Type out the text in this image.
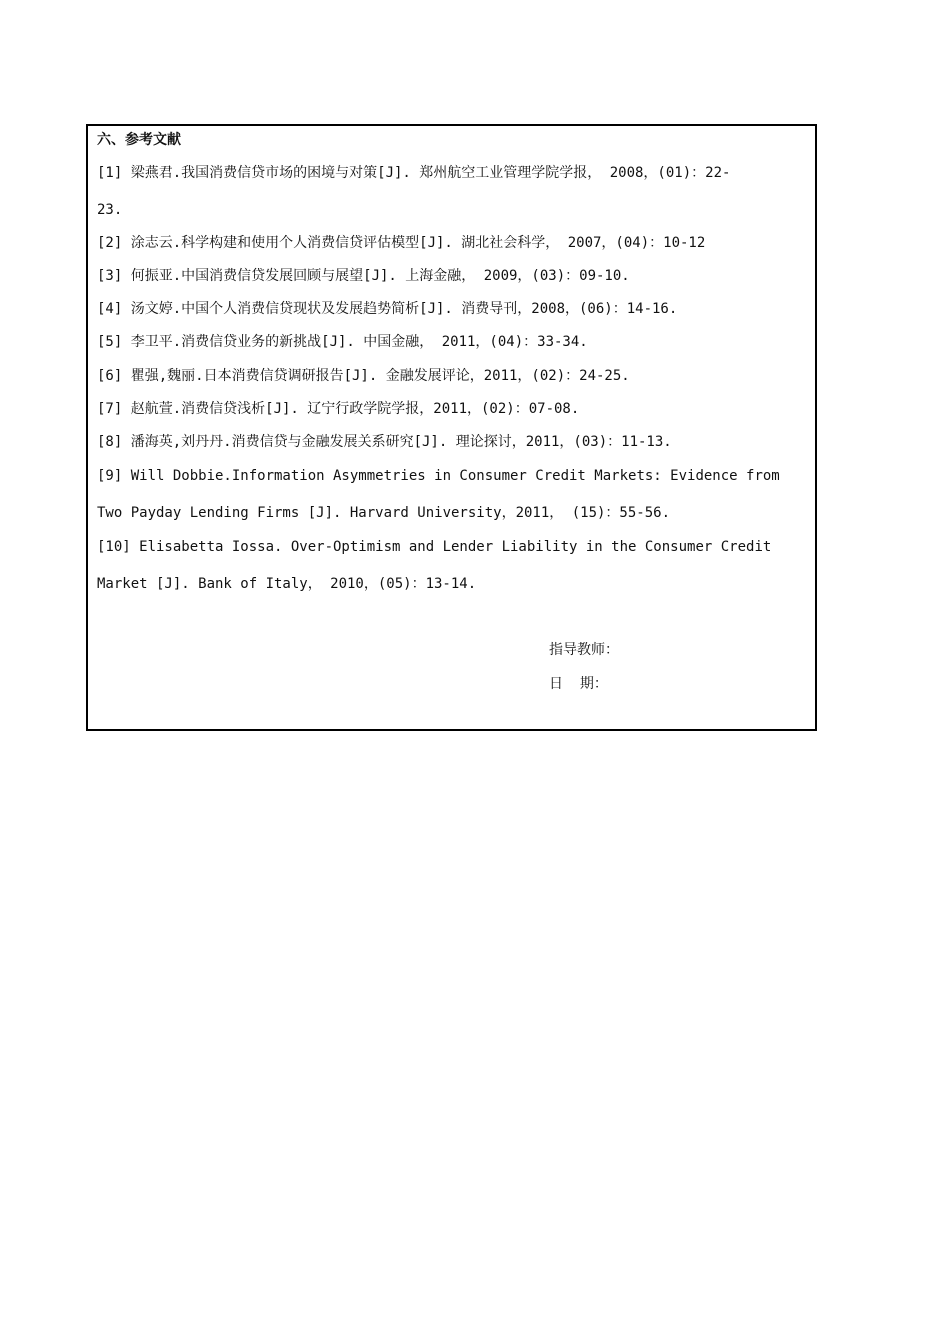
六、参考文献
[1] 梁燕君.我国消费信贷市场的困境与对策[J]. 郑州航空工业管理学院学报， 2008，(01)：22-
23.
[2] 涂志云.科学构建和使用个人消费信贷评估模型[J]. 湖北社会科学， 2007，(04)：10-12
[3] 何振亚.中国消费信贷发展回顾与展望[J]. 上海金融， 2009，(03)：09-10.
[4] 汤文婷.中国个人消费信贷现状及发展趋势简析[J]. 消费导刊，2008，(06)：14-16.
[5] 李卫平.消费信贷业务的新挑战[J]. 中国金融， 2011，(04)：33-34.
[6] 瞿强,魏丽.日本消费信贷调研报告[J]. 金融发展评论，2011，(02)：24-25.
[7] 赵航萱.消费信贷浅析[J]. 辽宁行政学院学报，2011，(02)：07-08.
[8] 潘海英,刘丹丹.消费信贷与金融发展关系研究[J]. 理论探讨，2011，(03)：11-13.
[9] Will Dobbie.Information Asymmetries in Consumer Credit Markets: Evidence from
Two Payday Lending Firms [J]. Harvard University，2011， (15)：55-56.
[10] Elisabetta Iossa. Over-Optimism and Lender Liability in the Consumer Credit
Market [J]. Bank of Italy， 2010，(05)：13-14.
指导教师：
日  期：
